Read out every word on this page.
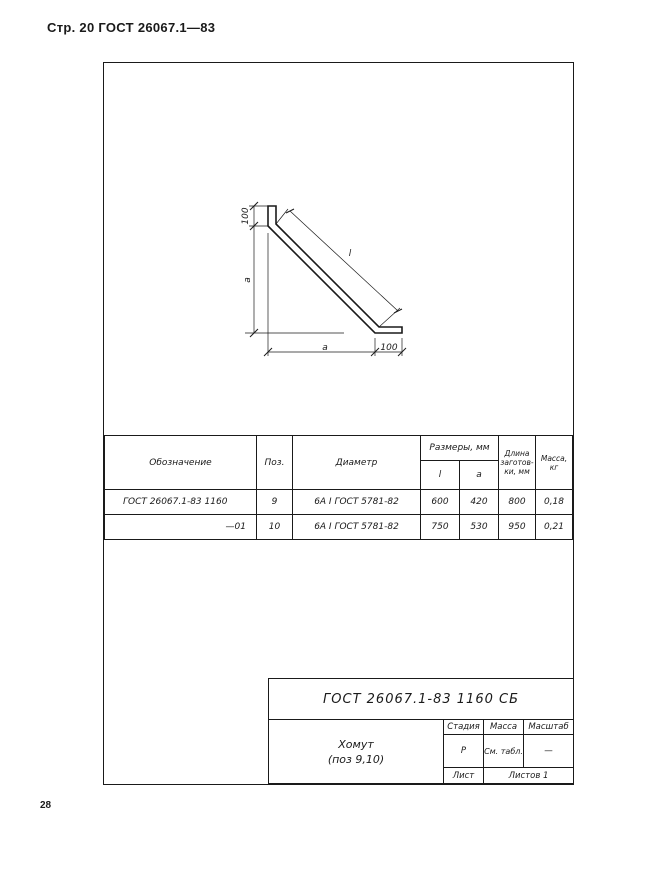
Стр. 20 ГОСТ 26067.1—83
100
a
l
a	100
Обозначение	Поз.	Диаметр	Размеры, мм		Длина заготов-ки, мм	Масса, кг
			l	a		
ГОСТ 26067.1-83 1160	9	6А I ГОСТ 5781-82	600	420	800	0,18
—01	10	6А I ГОСТ 5781-82	750	530	950	0,21
ГОСТ 26067.1-83 1160 СБ			

Хомут
(поз 9,10)	Стадия	Масса	Масштаб
	Р	См. табл.	—
	Лист	Листов 1	
28
